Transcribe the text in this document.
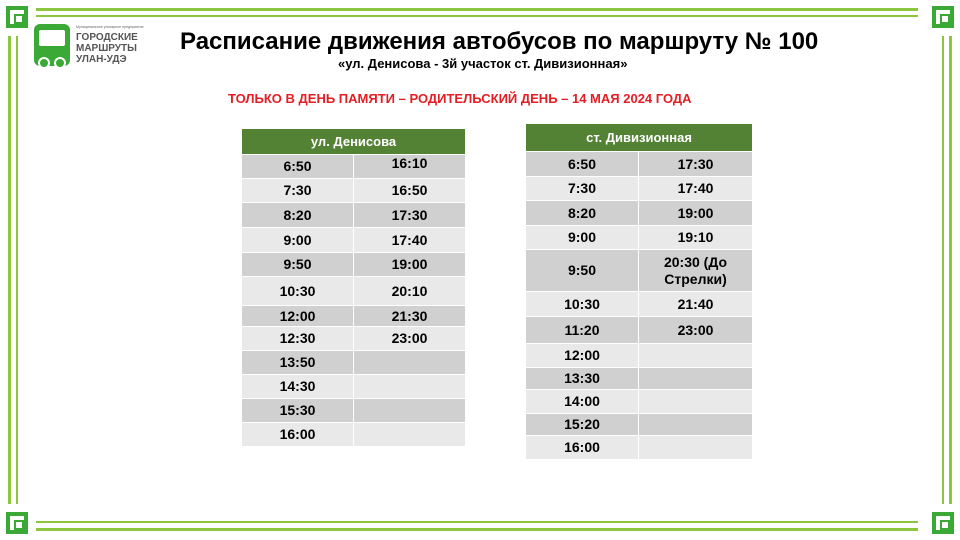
Муниципальное унитарное предприятие
ГОРОДСКИЕ
МАРШРУТЫ
УЛАН-УДЭ
Расписание движения автобусов по маршруту № 100
«ул. Денисова - 3й участок ст. Дивизионная»
ТОЛЬКО В ДЕНЬ ПАМЯТИ – РОДИТЕЛЬСКИЙ ДЕНЬ – 14 МАЯ 2024 ГОДА
ул. Денисова	
6:50	16:10
7:30	16:50
8:20	17:30
9:00	17:40
9:50	19:00
10:30	20:10
12:00	21:30
12:30	23:00
13:50	
14:30	
15:30	
16:00	
ст. Дивизионная	
6:50	17:30
7:30	17:40
8:20	19:00
9:00	19:10
9:50	20:30 (До Стрелки)
10:30	21:40
11:20	23:00
12:00	
13:30	
14:00	
15:20	
16:00	
